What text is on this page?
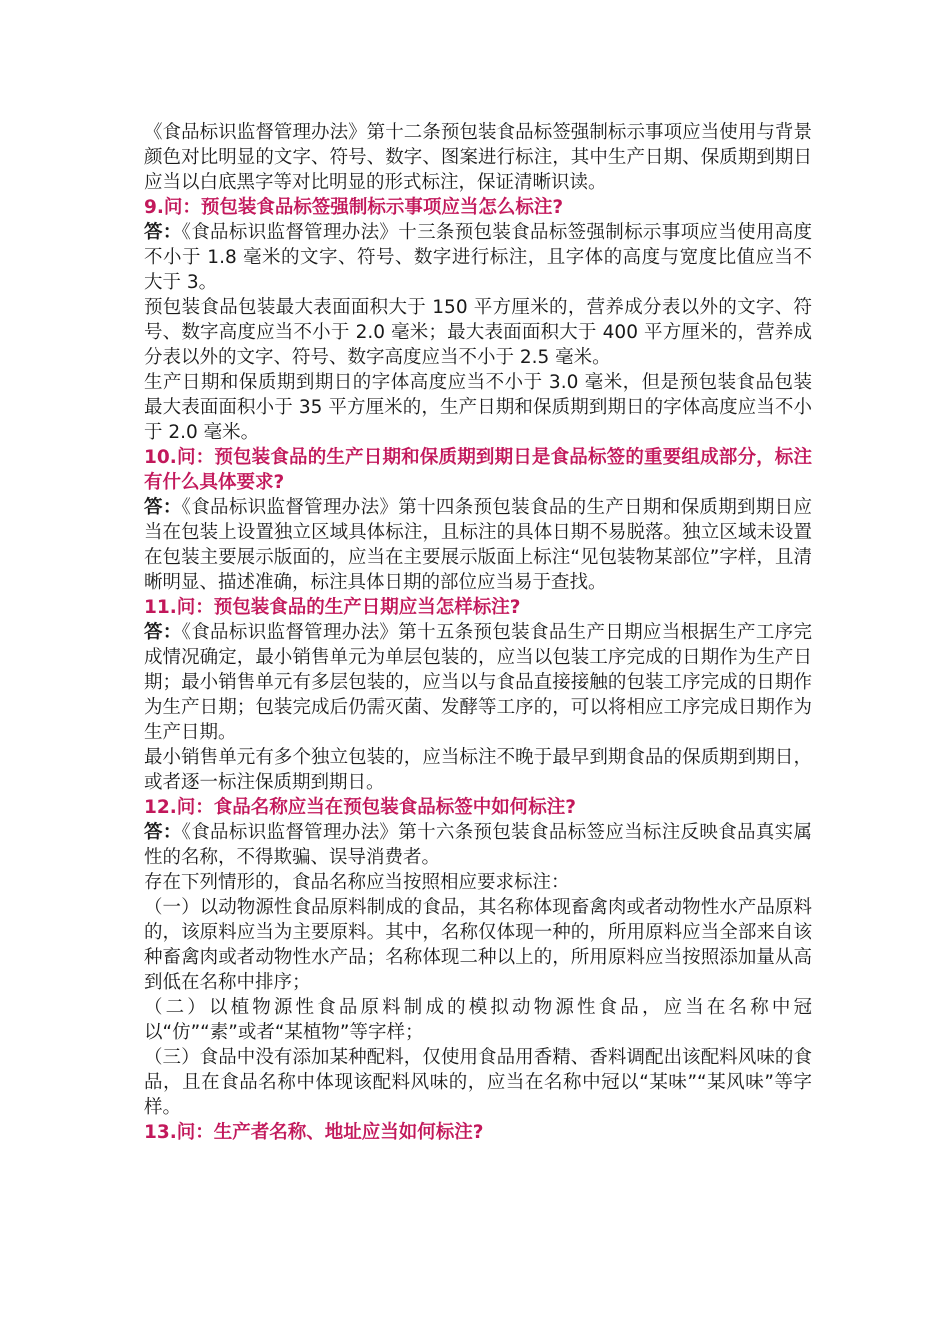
《食品标识监督管理办法》第十二条预包装食品标签强制标示事项应当使用与背景颜色对比明显的文字、符号、数字、图案进行标注，其中生产日期、保质期到期日应当以白底黑字等对比明显的形式标注，保证清晰识读。

9.问：预包装食品标签强制标示事项应当怎么标注?

答：《食品标识监督管理办法》十三条预包装食品标签强制标示事项应当使用高度不小于 1.8 毫米的文字、符号、数字进行标注，且字体的高度与宽度比值应当不大于 3。

预包装食品包装最大表面面积大于 150 平方厘米的，营养成分表以外的文字、符号、数字高度应当不小于 2.0 毫米；最大表面面积大于 400 平方厘米的，营养成分表以外的文字、符号、数字高度应当不小于 2.5 毫米。

生产日期和保质期到期日的字体高度应当不小于 3.0 毫米，但是预包装食品包装最大表面面积小于 35 平方厘米的，生产日期和保质期到期日的字体高度应当不小于 2.0 毫米。

10.问：预包装食品的生产日期和保质期到期日是食品标签的重要组成部分，标注有什么具体要求?

答：《食品标识监督管理办法》第十四条预包装食品的生产日期和保质期到期日应当在包装上设置独立区域具体标注，且标注的具体日期不易脱落。独立区域未设置在包装主要展示版面的，应当在主要展示版面上标注“见包装物某部位”字样，且清晰明显、描述准确，标注具体日期的部位应当易于查找。

11.问：预包装食品的生产日期应当怎样标注?

答：《食品标识监督管理办法》第十五条预包装食品生产日期应当根据生产工序完成情况确定，最小销售单元为单层包装的，应当以包装工序完成的日期作为生产日期；最小销售单元有多层包装的，应当以与食品直接接触的包装工序完成的日期作为生产日期；包装完成后仍需灭菌、发酵等工序的，可以将相应工序完成日期作为生产日期。

最小销售单元有多个独立包装的，应当标注不晚于最早到期食品的保质期到期日，或者逐一标注保质期到期日。

12.问：食品名称应当在预包装食品标签中如何标注?

答：《食品标识监督管理办法》第十六条预包装食品标签应当标注反映食品真实属性的名称，不得欺骗、误导消费者。

存在下列情形的，食品名称应当按照相应要求标注：

（一）以动物源性食品原料制成的食品，其名称体现畜禽肉或者动物性水产品原料的，该原料应当为主要原料。其中，名称仅体现一种的，所用原料应当全部来自该种畜禽肉或者动物性水产品；名称体现二种以上的，所用原料应当按照添加量从高到低在名称中排序；

（二）以植物源性食品原料制成的模拟动物源性食品，应当在名称中冠以“仿”“素”或者“某植物”等字样；

（三）食品中没有添加某种配料，仅使用食品用香精、香料调配出该配料风味的食品，且在食品名称中体现该配料风味的，应当在名称中冠以“某味”“某风味”等字样。

13.问：生产者名称、地址应当如何标注?
